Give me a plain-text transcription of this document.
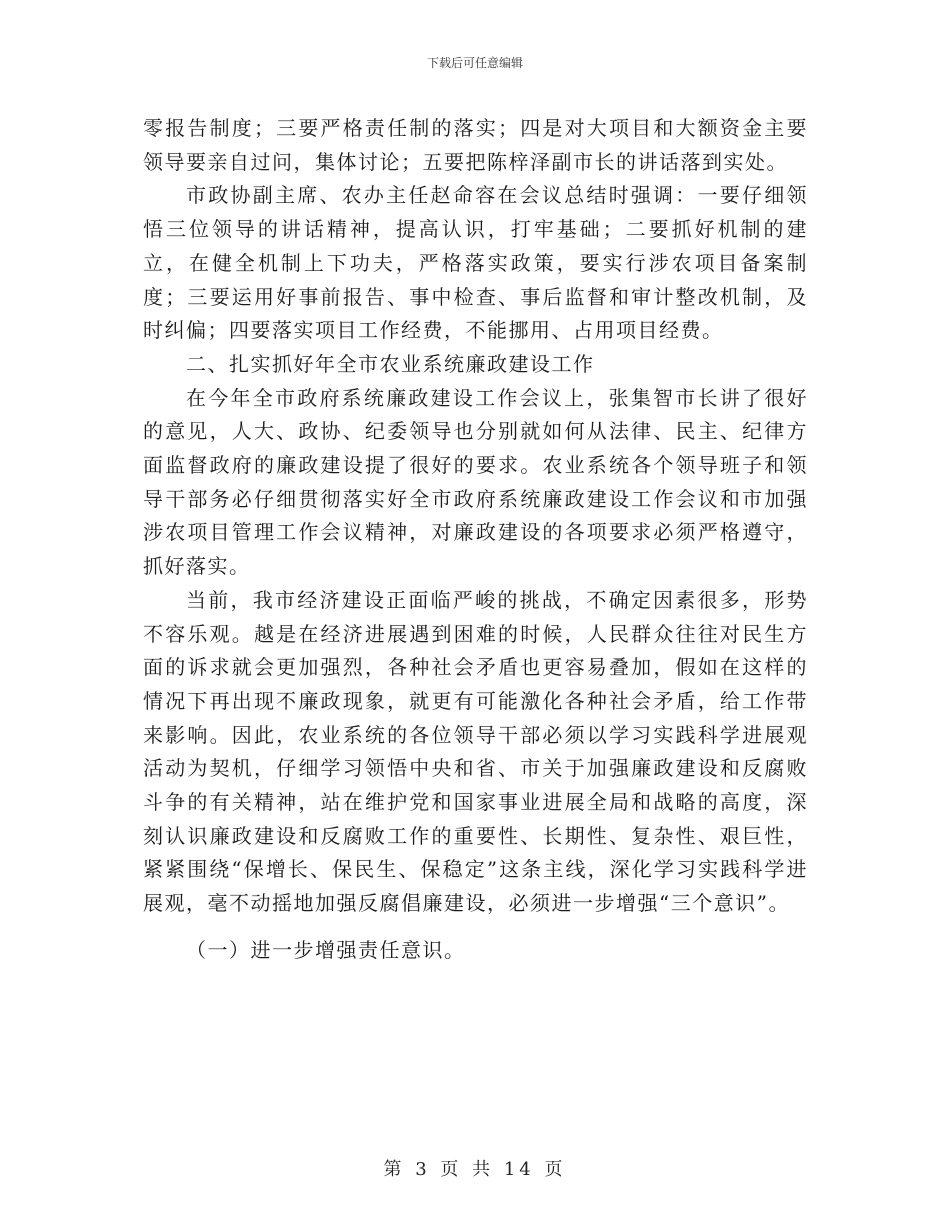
下载后可任意编辑

零报告制度；三要严格责任制的落实；四是对大项目和大额资金主要领导要亲自过问，集体讨论；五要把陈梓泽副市长的讲话落到实处。

市政协副主席、农办主任赵命容在会议总结时强调：一要仔细领悟三位领导的讲话精神，提高认识，打牢基础；二要抓好机制的建立，在健全机制上下功夫，严格落实政策，要实行涉农项目备案制度；三要运用好事前报告、事中检查、事后监督和审计整改机制，及时纠偏；四要落实项目工作经费，不能挪用、占用项目经费。

二、扎实抓好年全市农业系统廉政建设工作

在今年全市政府系统廉政建设工作会议上，张集智市长讲了很好的意见，人大、政协、纪委领导也分别就如何从法律、民主、纪律方面监督政府的廉政建设提了很好的要求。农业系统各个领导班子和领导干部务必仔细贯彻落实好全市政府系统廉政建设工作会议和市加强涉农项目管理工作会议精神，对廉政建设的各项要求必须严格遵守，抓好落实。

当前，我市经济建设正面临严峻的挑战，不确定因素很多，形势不容乐观。越是在经济进展遇到困难的时候，人民群众往往对民生方面的诉求就会更加强烈，各种社会矛盾也更容易叠加，假如在这样的情况下再出现不廉政现象，就更有可能激化各种社会矛盾，给工作带来影响。因此，农业系统的各位领导干部必须以学习实践科学进展观活动为契机，仔细学习领悟中央和省、市关于加强廉政建设和反腐败斗争的有关精神，站在维护党和国家事业进展全局和战略的高度，深刻认识廉政建设和反腐败工作的重要性、长期性、复杂性、艰巨性，紧紧围绕“保增长、保民生、保稳定”这条主线，深化学习实践科学进展观，毫不动摇地加强反腐倡廉建设，必须进一步增强“三个意识”。

（一）进一步增强责任意识。

第 3 页 共 14 页
